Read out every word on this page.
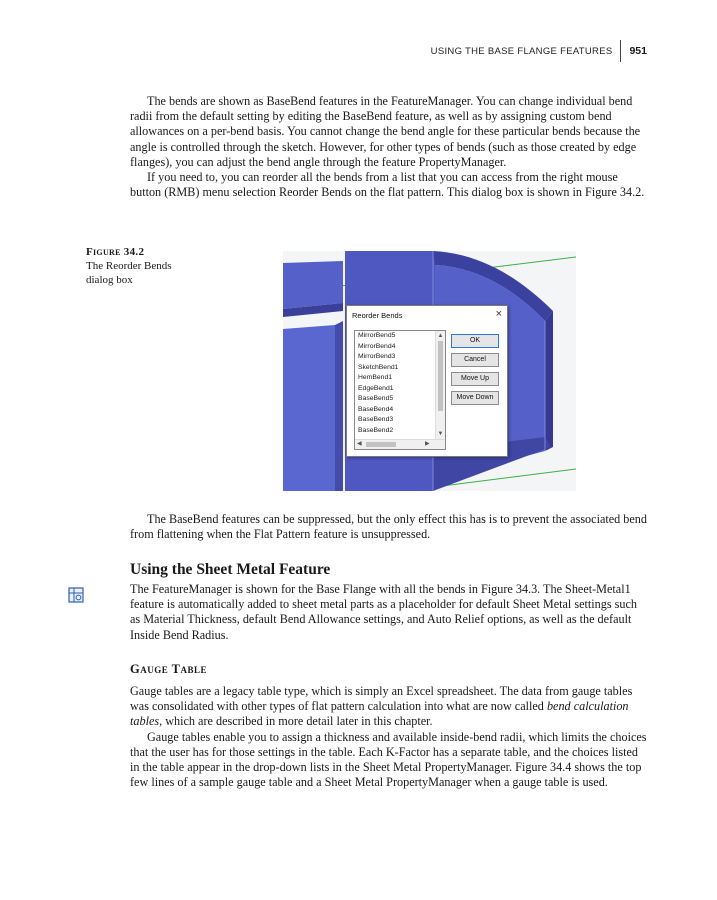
USING THE BASE FLANGE FEATURES 951

The bends are shown as BaseBend features in the FeatureManager. You can change individual bend radii from the default setting by editing the BaseBend feature, as well as by assigning custom bend allowances on a per-bend basis. You cannot change the bend angle for these particular bends because the angle is controlled through the sketch. However, for other types of bends (such as those created by edge flanges), you can adjust the bend angle through the feature PropertyManager.

If you need to, you can reorder all the bends from a list that you can access from the right mouse button (RMB) menu selection Reorder Bends on the flat pattern. This dialog box is shown in Figure 34.2.

Figure 34.2
The Reorder Bends
dialog box
Reorder Bends	×
MirrorBend5
MirrorBend4
MirrorBend3
SketchBend1
HemBend1
EdgeBend1
BaseBend5
BaseBend4
BaseBend3
BaseBend2
▲
▼
◀	▶
OK
Cancel
Move Up
Move Down

The BaseBend features can be suppressed, but the only effect this has is to prevent the associated bend from flattening when the Flat Pattern feature is unsuppressed.

Using the Sheet Metal Feature

The FeatureManager is shown for the Base Flange with all the bends in Figure 34.3. The Sheet-Metal1 feature is automatically added to sheet metal parts as a placeholder for default Sheet Metal settings such as Material Thickness, default Bend Allowance settings, and Auto Relief options, as well as the default Inside Bend Radius.

Gauge Table

Gauge tables are a legacy table type, which is simply an Excel spreadsheet. The data from gauge tables was consolidated with other types of flat pattern calculation into what are now called bend calculation tables, which are described in more detail later in this chapter.

Gauge tables enable you to assign a thickness and available inside-bend radii, which limits the choices that the user has for those settings in the table. Each K-Factor has a separate table, and the choices listed in the table appear in the drop-down lists in the Sheet Metal PropertyManager. Figure 34.4 shows the top few lines of a sample gauge table and a Sheet Metal PropertyManager when a gauge table is used.
